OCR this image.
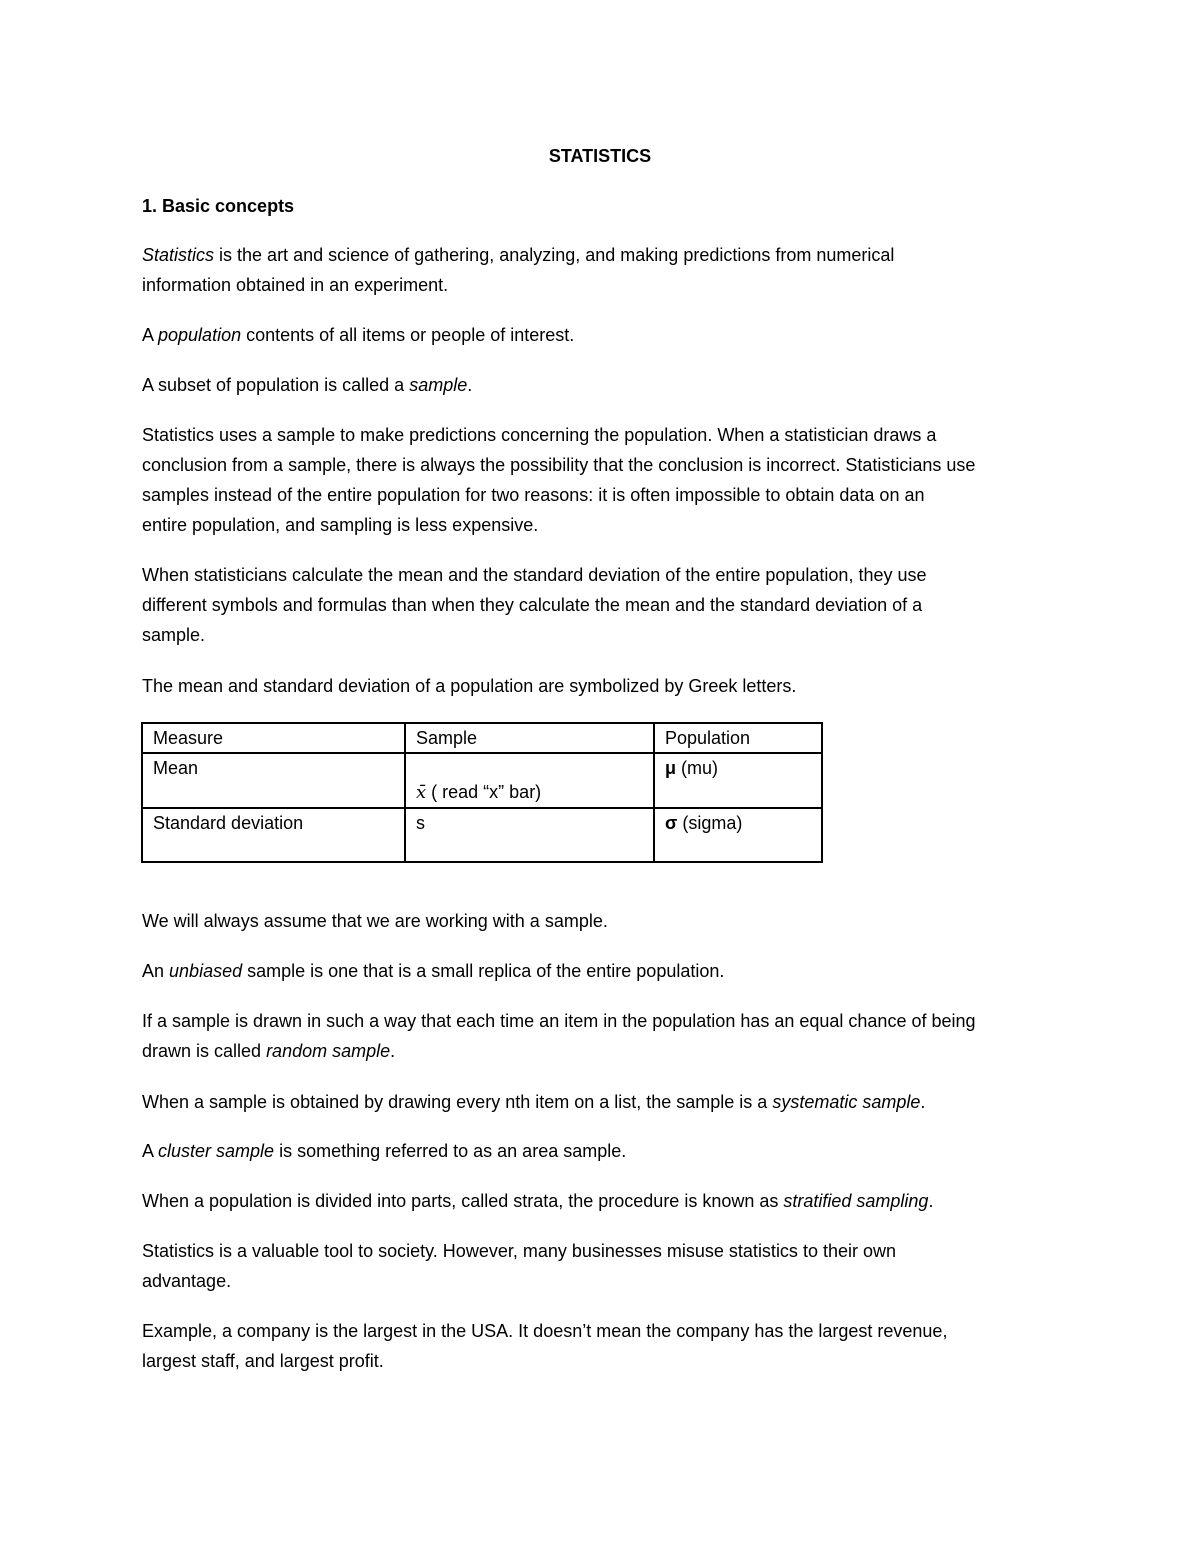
STATISTICS
1. Basic concepts

Statistics is the art and science of gathering, analyzing, and making predictions from numerical
information obtained in an experiment.

A population contents of all items or people of interest.

A subset of population is called a sample.

Statistics uses a sample to make predictions concerning the population. When a statistician draws a
conclusion from a sample, there is always the possibility that the conclusion is incorrect. Statisticians use
samples instead of the entire population for two reasons: it is often impossible to obtain data on an
entire population, and sampling is less expensive.

When statisticians calculate the mean and the standard deviation of the entire population, they use
different symbols and formulas than when they calculate the mean and the standard deviation of a
sample.

The mean and standard deviation of a population are symbolized by Greek letters.

Measure	Sample	Population
Mean	x̄ ( read “x” bar)	μ (mu)
Standard deviation	s	σ (sigma)

We will always assume that we are working with a sample.

An unbiased sample is one that is a small replica of the entire population.

If a sample is drawn in such a way that each time an item in the population has an equal chance of being
drawn is called random sample.

When a sample is obtained by drawing every nth item on a list, the sample is a systematic sample.

A cluster sample is something referred to as an area sample.

When a population is divided into parts, called strata, the procedure is known as stratified sampling.

Statistics is a valuable tool to society. However, many businesses misuse statistics to their own
advantage.

Example, a company is the largest in the USA. It doesn’t mean the company has the largest revenue,
largest staff, and largest profit.
